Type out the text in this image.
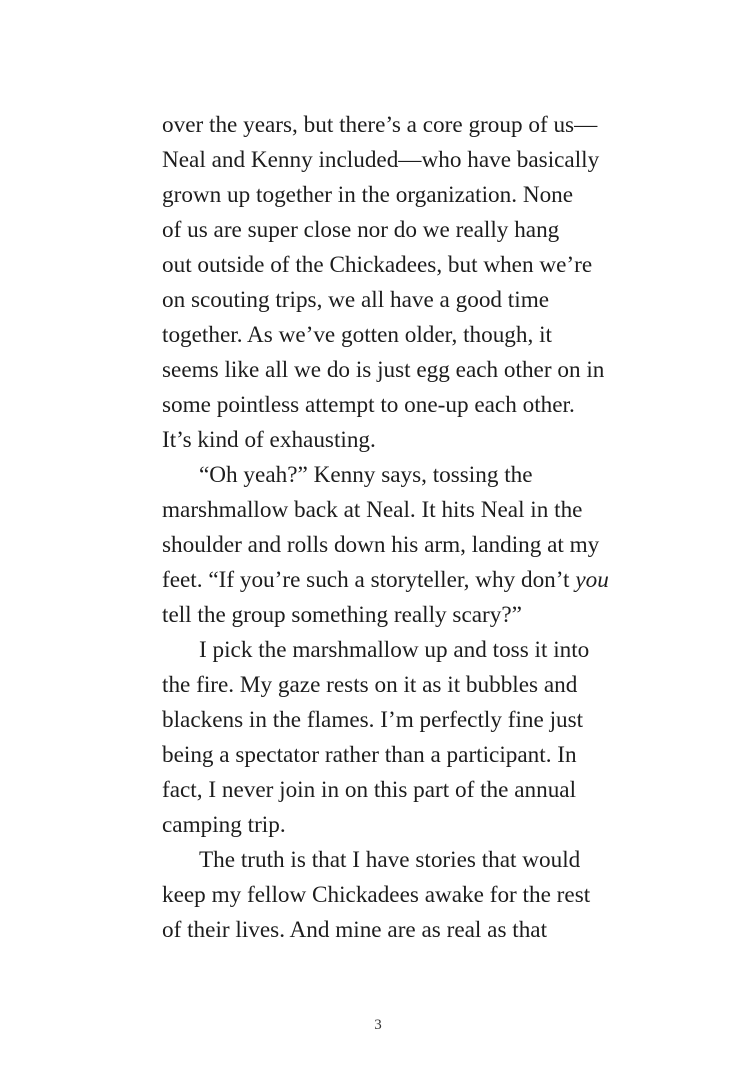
over the years, but there’s a core group of us—
Neal and Kenny included—who have basically
grown up together in the organization. None
of us are super close nor do we really hang
out outside of the Chickadees, but when we’re
on scouting trips, we all have a good time
together. As we’ve gotten older, though, it
seems like all we do is just egg each other on in
some pointless attempt to one-up each other.
It’s kind of exhausting.
“Oh yeah?” Kenny says, tossing the
marshmallow back at Neal. It hits Neal in the
shoulder and rolls down his arm, landing at my
feet. “If you’re such a storyteller, why don’t you
tell the group something really scary?”
I pick the marshmallow up and toss it into
the fire. My gaze rests on it as it bubbles and
blackens in the flames. I’m perfectly fine just
being a spectator rather than a participant. In
fact, I never join in on this part of the annual
camping trip.
The truth is that I have stories that would
keep my fellow Chickadees awake for the rest
of their lives. And mine are as real as that
3
